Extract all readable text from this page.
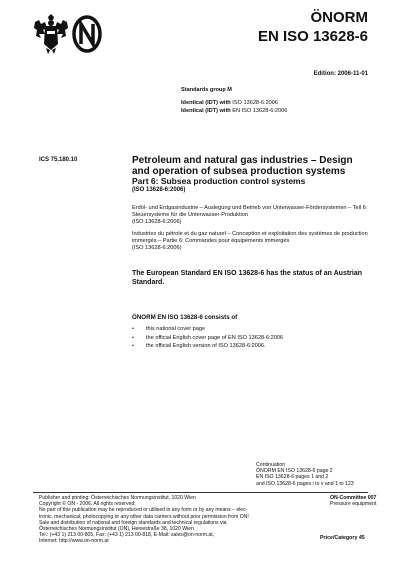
ÖNORM
EN ISO 13628-6
Edition: 2006-11-01
Standards group M
Identical (IDT) with ISO 13628-6:2006
Identical (IDT) with EN ISO 13628-6:2006
ICS 75.180.10	Petroleum and natural gas industries – Design and operation of subsea production systems
Part 6: Subsea production control systems
(ISO 13628-6:2006)
Erdöl- und Erdgasindustrie – Auslegung und Betrieb von Unterwasser-Fördersystemen – Teil 6: Steuersysteme für die Unterwasser-Produktion
(ISO 13628-6:2006)
Industries du pétrole et du gaz naturel – Conception et exploitation des systèmes de production immergés – Partie 6: Commandes pour équipements immergés
(ISO 13628-6:2006)
The European Standard EN ISO 13628-6 has the status of an Austrian Standard.
ÖNORM EN ISO 13628-6 consists of
• this national cover page
• the official English cover page of EN ISO 13628-6:2006
• the official English version of ISO 13628-6:2006.
Continuation
ÖNORM EN ISO 13628-6 page 2
EN ISO 13628-6 pages 1 and 2
and ISO 13628-6 pages i to v and 1 to 123
Publisher and printing: Österreichisches Normungsinstitut, 1020 Wien
Copyright © ON - 2006. All rights reserved;
No part of this publication may be reproduced or utilised in any form or by any means – elec-
tronic, mechanical, photocopying or any other data carriers without prior permission from ON!
Sale and distribution of national and foreign standards and technical regulations via
Österreichisches Normungsinstitut (ON), Heinestraße 38, 1020 Wien
Tel.: (+43 1) 213 00-805, Fax: (+43 1) 213 00-818, E-Mail: sales@on-norm.at,
Internet: http://www.on-norm.at
ON-Committee 007
Pressure equipment
Price/Category 45
